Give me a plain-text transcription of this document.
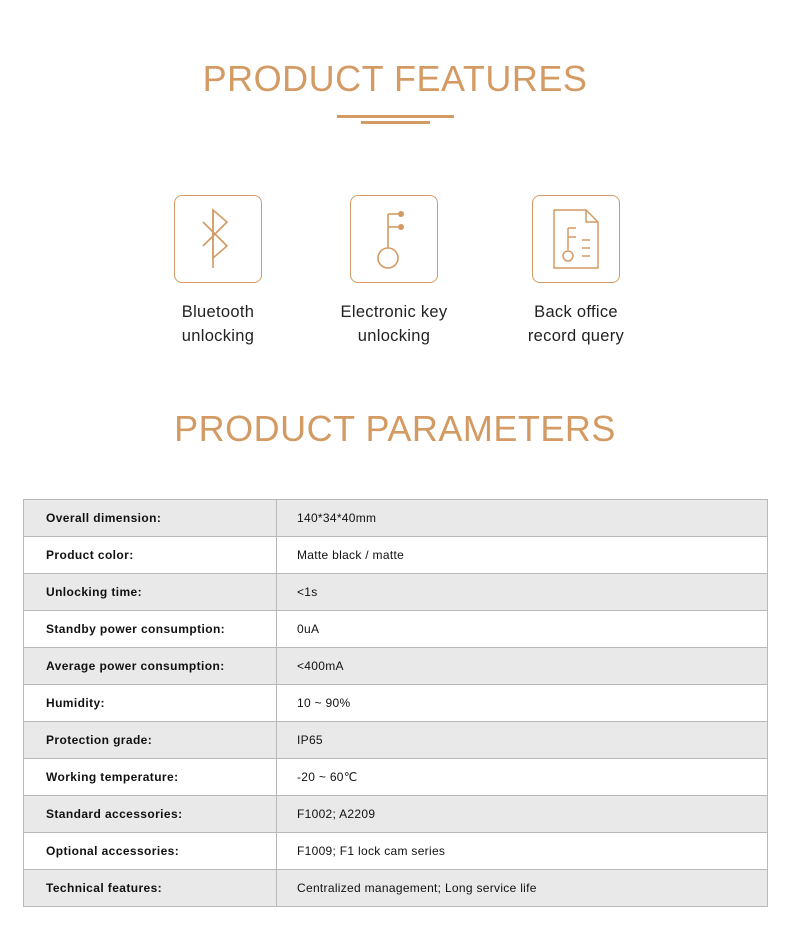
PRODUCT FEATURES
Bluetooth
unlocking
Electronic key
unlocking
Back office
record query
PRODUCT PARAMETERS
Overall dimension:	140*34*40mm
Product color:	Matte black / matte
Unlocking time:	<1s
Standby power consumption:	0uA
Average power consumption:	<400mA
Humidity:	10 ~ 90%
Protection grade:	IP65
Working temperature:	-20 ~ 60℃
Standard accessories:	F1002; A2209
Optional accessories:	F1009; F1 lock cam series
Technical features:	Centralized management; Long service life
